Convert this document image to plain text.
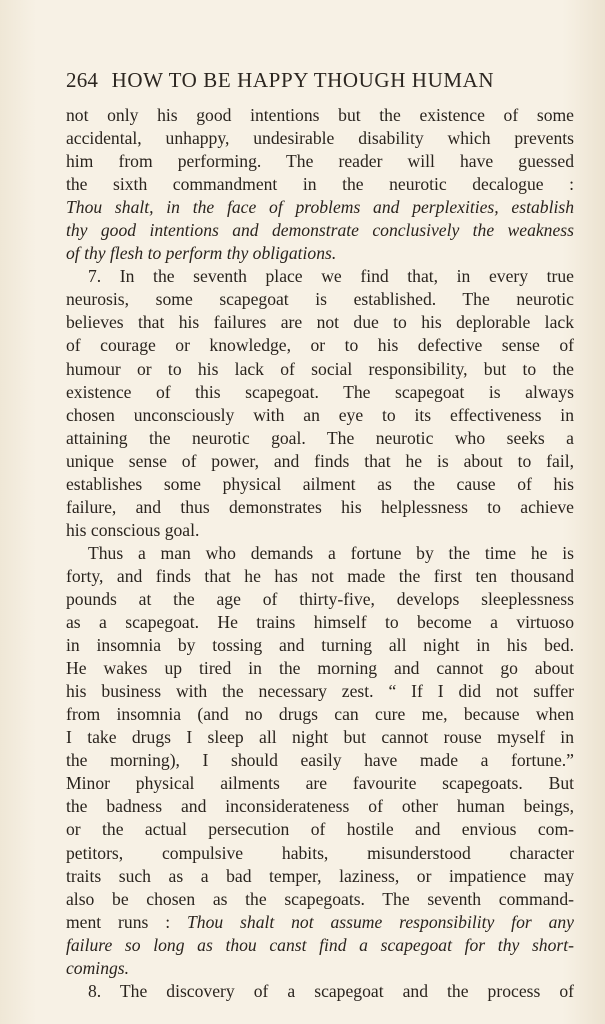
264 HOW TO BE HAPPY THOUGH HUMAN
not only his good intentions but the existence of some
accidental, unhappy, undesirable disability which prevents
him from performing. The reader will have guessed
the sixth commandment in the neurotic decalogue :
Thou shalt, in the face of problems and perplexities, establish
thy good intentions and demonstrate conclusively the weakness
of thy flesh to perform thy obligations.
7. In the seventh place we find that, in every true
neurosis, some scapegoat is established. The neurotic
believes that his failures are not due to his deplorable lack
of courage or knowledge, or to his defective sense of
humour or to his lack of social responsibility, but to the
existence of this scapegoat. The scapegoat is always
chosen unconsciously with an eye to its effectiveness in
attaining the neurotic goal. The neurotic who seeks a
unique sense of power, and finds that he is about to fail,
establishes some physical ailment as the cause of his
failure, and thus demonstrates his helplessness to achieve
his conscious goal.
Thus a man who demands a fortune by the time he is
forty, and finds that he has not made the first ten thousand
pounds at the age of thirty-five, develops sleeplessness
as a scapegoat. He trains himself to become a virtuoso
in insomnia by tossing and turning all night in his bed.
He wakes up tired in the morning and cannot go about
his business with the necessary zest. “ If I did not suffer
from insomnia (and no drugs can cure me, because when
I take drugs I sleep all night but cannot rouse myself in
the morning), I should easily have made a fortune.”
Minor physical ailments are favourite scapegoats. But
the badness and inconsiderateness of other human beings,
or the actual persecution of hostile and envious com-
petitors, compulsive habits, misunderstood character
traits such as a bad temper, laziness, or impatience may
also be chosen as the scapegoats. The seventh command-
ment runs : Thou shalt not assume responsibility for any
failure so long as thou canst find a scapegoat for thy short-
comings.
8. The discovery of a scapegoat and the process of
